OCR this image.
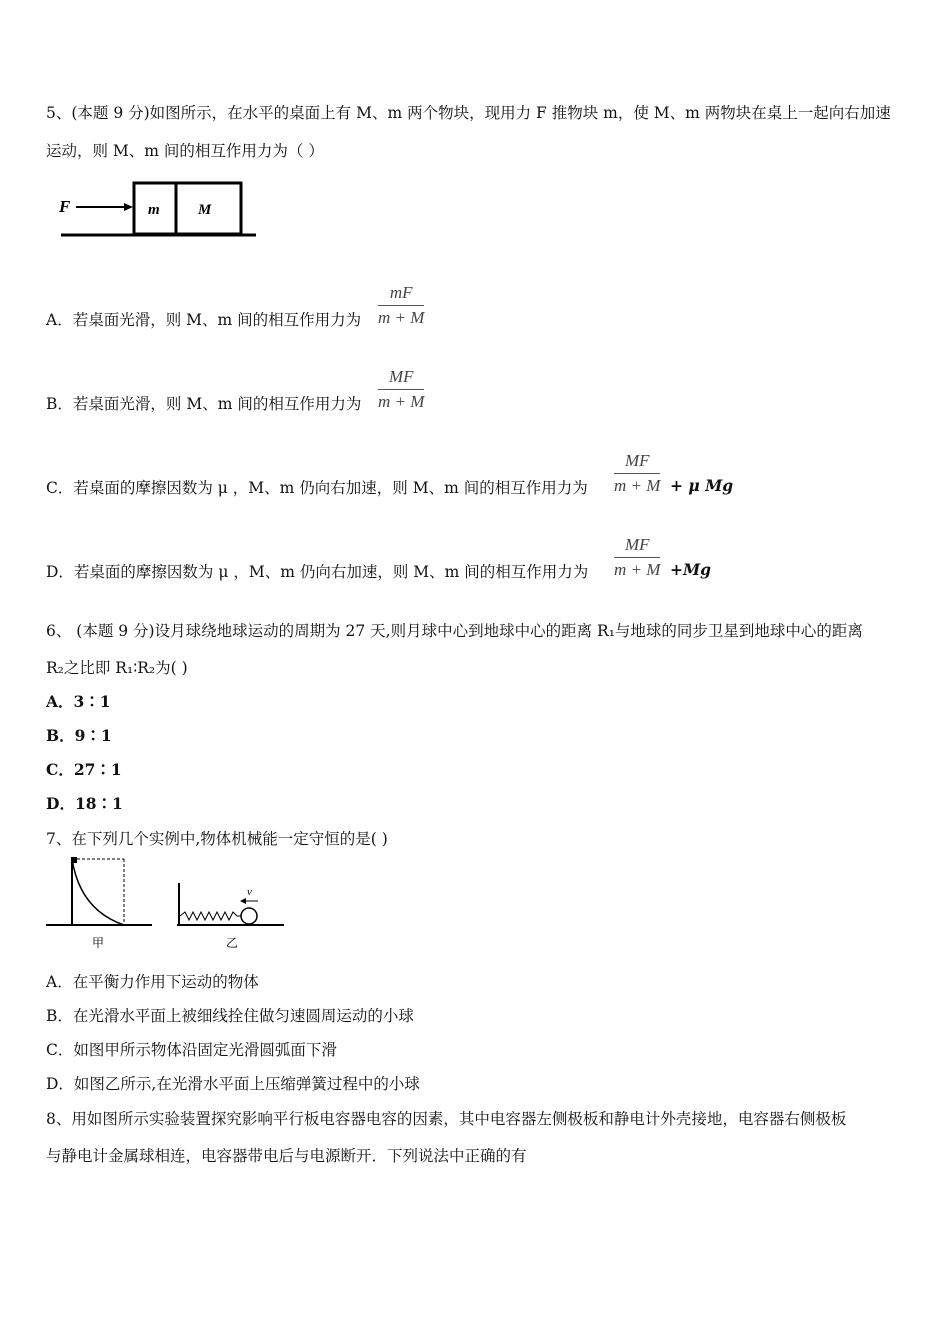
5、(本题 9 分)如图所示，在水平的桌面上有 M、m 两个物块，现用力 F 推物块 m，使 M、m 两物块在桌上一起向右加速
运动，则 M、m 间的相互作用力为（ ）
F	m	M
A．若桌面光滑，则 M、m 间的相互作用力为 $\frac{mF}{m + M}$
B．若桌面光滑，则 M、m 间的相互作用力为 $\frac{MF}{m + M}$
C．若桌面的摩擦因数为 μ ，M、m 仍向右加速，则 M、m 间的相互作用力为 $\frac{MF}{m + M} + \mu$ Mg
D．若桌面的摩擦因数为 μ ，M、m 仍向右加速，则 M、m 间的相互作用力为 $\frac{MF}{m + M} +Mg$
6、 (本题 9 分)设月球绕地球运动的周期为 27 天,则月球中心到地球中心的距离 R₁与地球的同步卫星到地球中心的距离
R₂之比即 R₁∶R₂为( )
A．3∶1
B．9∶1
C．27∶1
D．18∶1
7、在下列几个实例中,物体机械能一定守恒的是( )
甲
v
乙
A．在平衡力作用下运动的物体
B．在光滑水平面上被细线拴住做匀速圆周运动的小球
C．如图甲所示物体沿固定光滑圆弧面下滑
D．如图乙所示,在光滑水平面上压缩弹簧过程中的小球
8、用如图所示实验装置探究影响平行板电容器电容的因素，其中电容器左侧极板和静电计外壳接地，电容器右侧极板
与静电计金属球相连，电容器带电后与电源断开．下列说法中正确的有
